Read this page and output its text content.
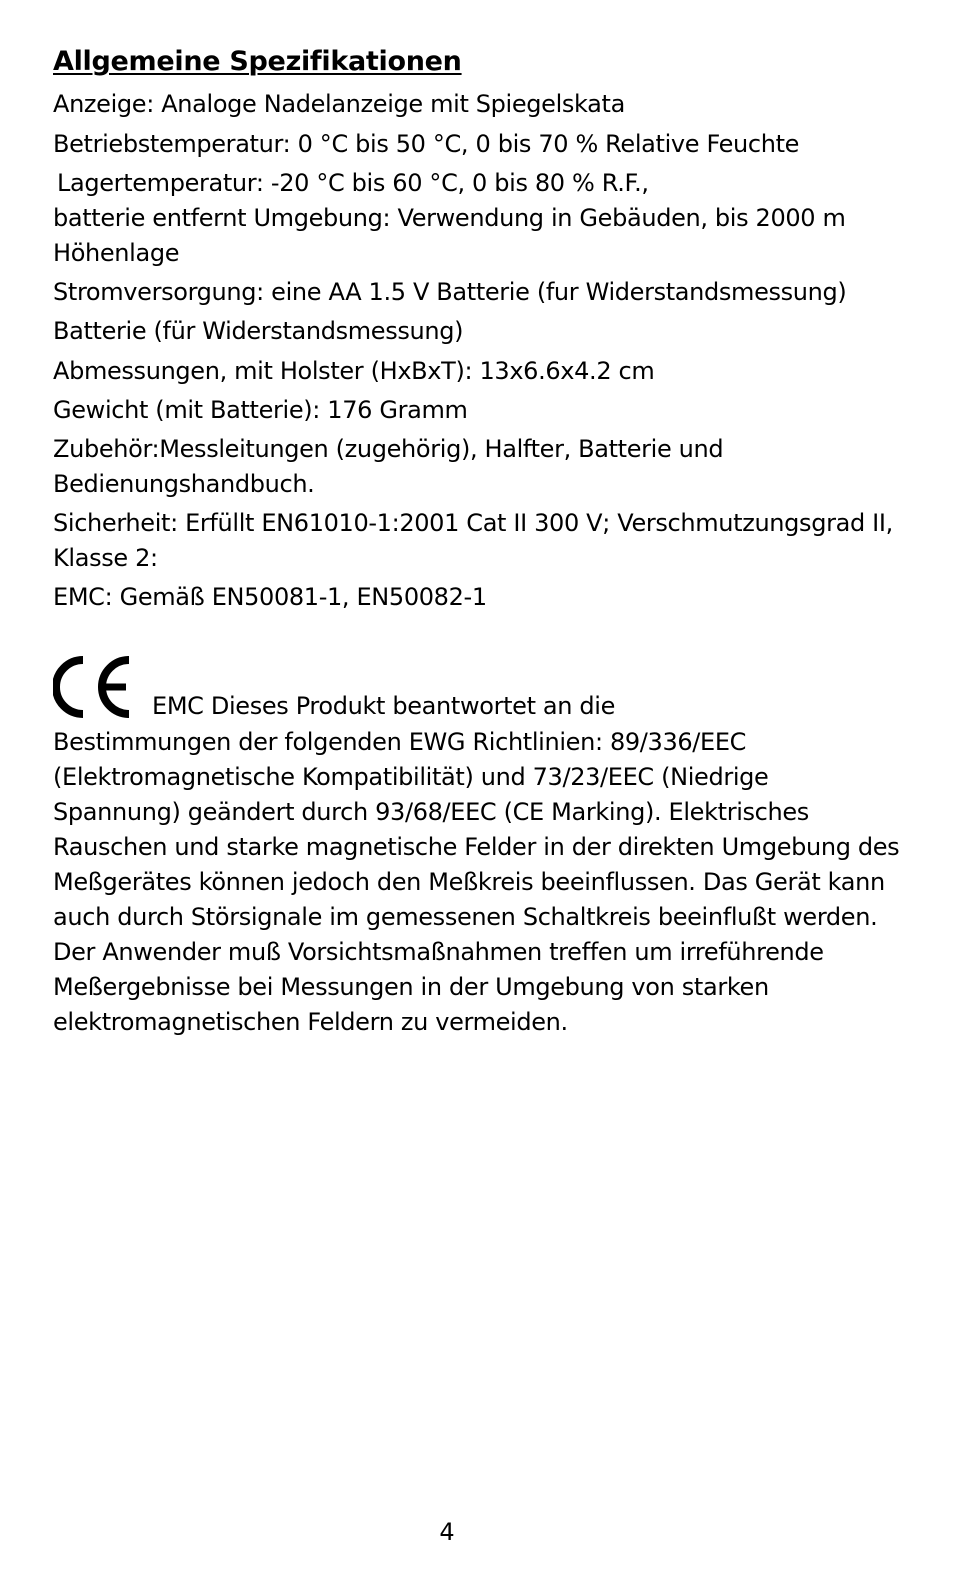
Allgemeine Spezifikationen
Anzeige: Analoge Nadelanzeige mit Spiegelskata
Betriebstemperatur: 0 °C bis 50 °C, 0 bis 70 % Relative Feuchte
Lagertemperatur: -20 °C bis 60 °C, 0 bis 80 % R.F.,
batterie entfernt Umgebung: Verwendung in Gebäuden, bis 2000 m Höhenlage
Stromversorgung: eine AA 1.5 V Batterie (fur Widerstandsmessung)
Batterie (für Widerstandsmessung)
Abmessungen, mit Holster (HxBxT): 13x6.6x4.2 cm
Gewicht (mit Batterie): 176 Gramm
Zubehör:Messleitungen (zugehörig), Halfter, Batterie und Bedienungshandbuch.
Sicherheit: Erfüllt EN61010-1:2001 Cat II 300 V; Verschmutzungsgrad II, Klasse 2:
EMC: Gemäß EN50081-1, EN50082-1
EMC Dieses Produkt beantwortet an die
Bestimmungen der folgenden EWG Richtlinien: 89/336/EEC (Elektromagnetische Kompatibilität) und 73/23/EEC (Niedrige Spannung) geändert durch 93/68/EEC (CE Marking). Elektrisches Rauschen und starke magnetische Felder in der direkten Umgebung des Meßgerätes können jedoch den Meßkreis beeinflussen. Das Gerät kann auch durch Störsignale im gemessenen Schaltkreis beeinflußt werden. Der Anwender muß Vorsichtsmaßnahmen treffen um irreführende Meßergebnisse bei Messungen in der Umgebung von starken elektromagnetischen Feldern zu vermeiden.
4
